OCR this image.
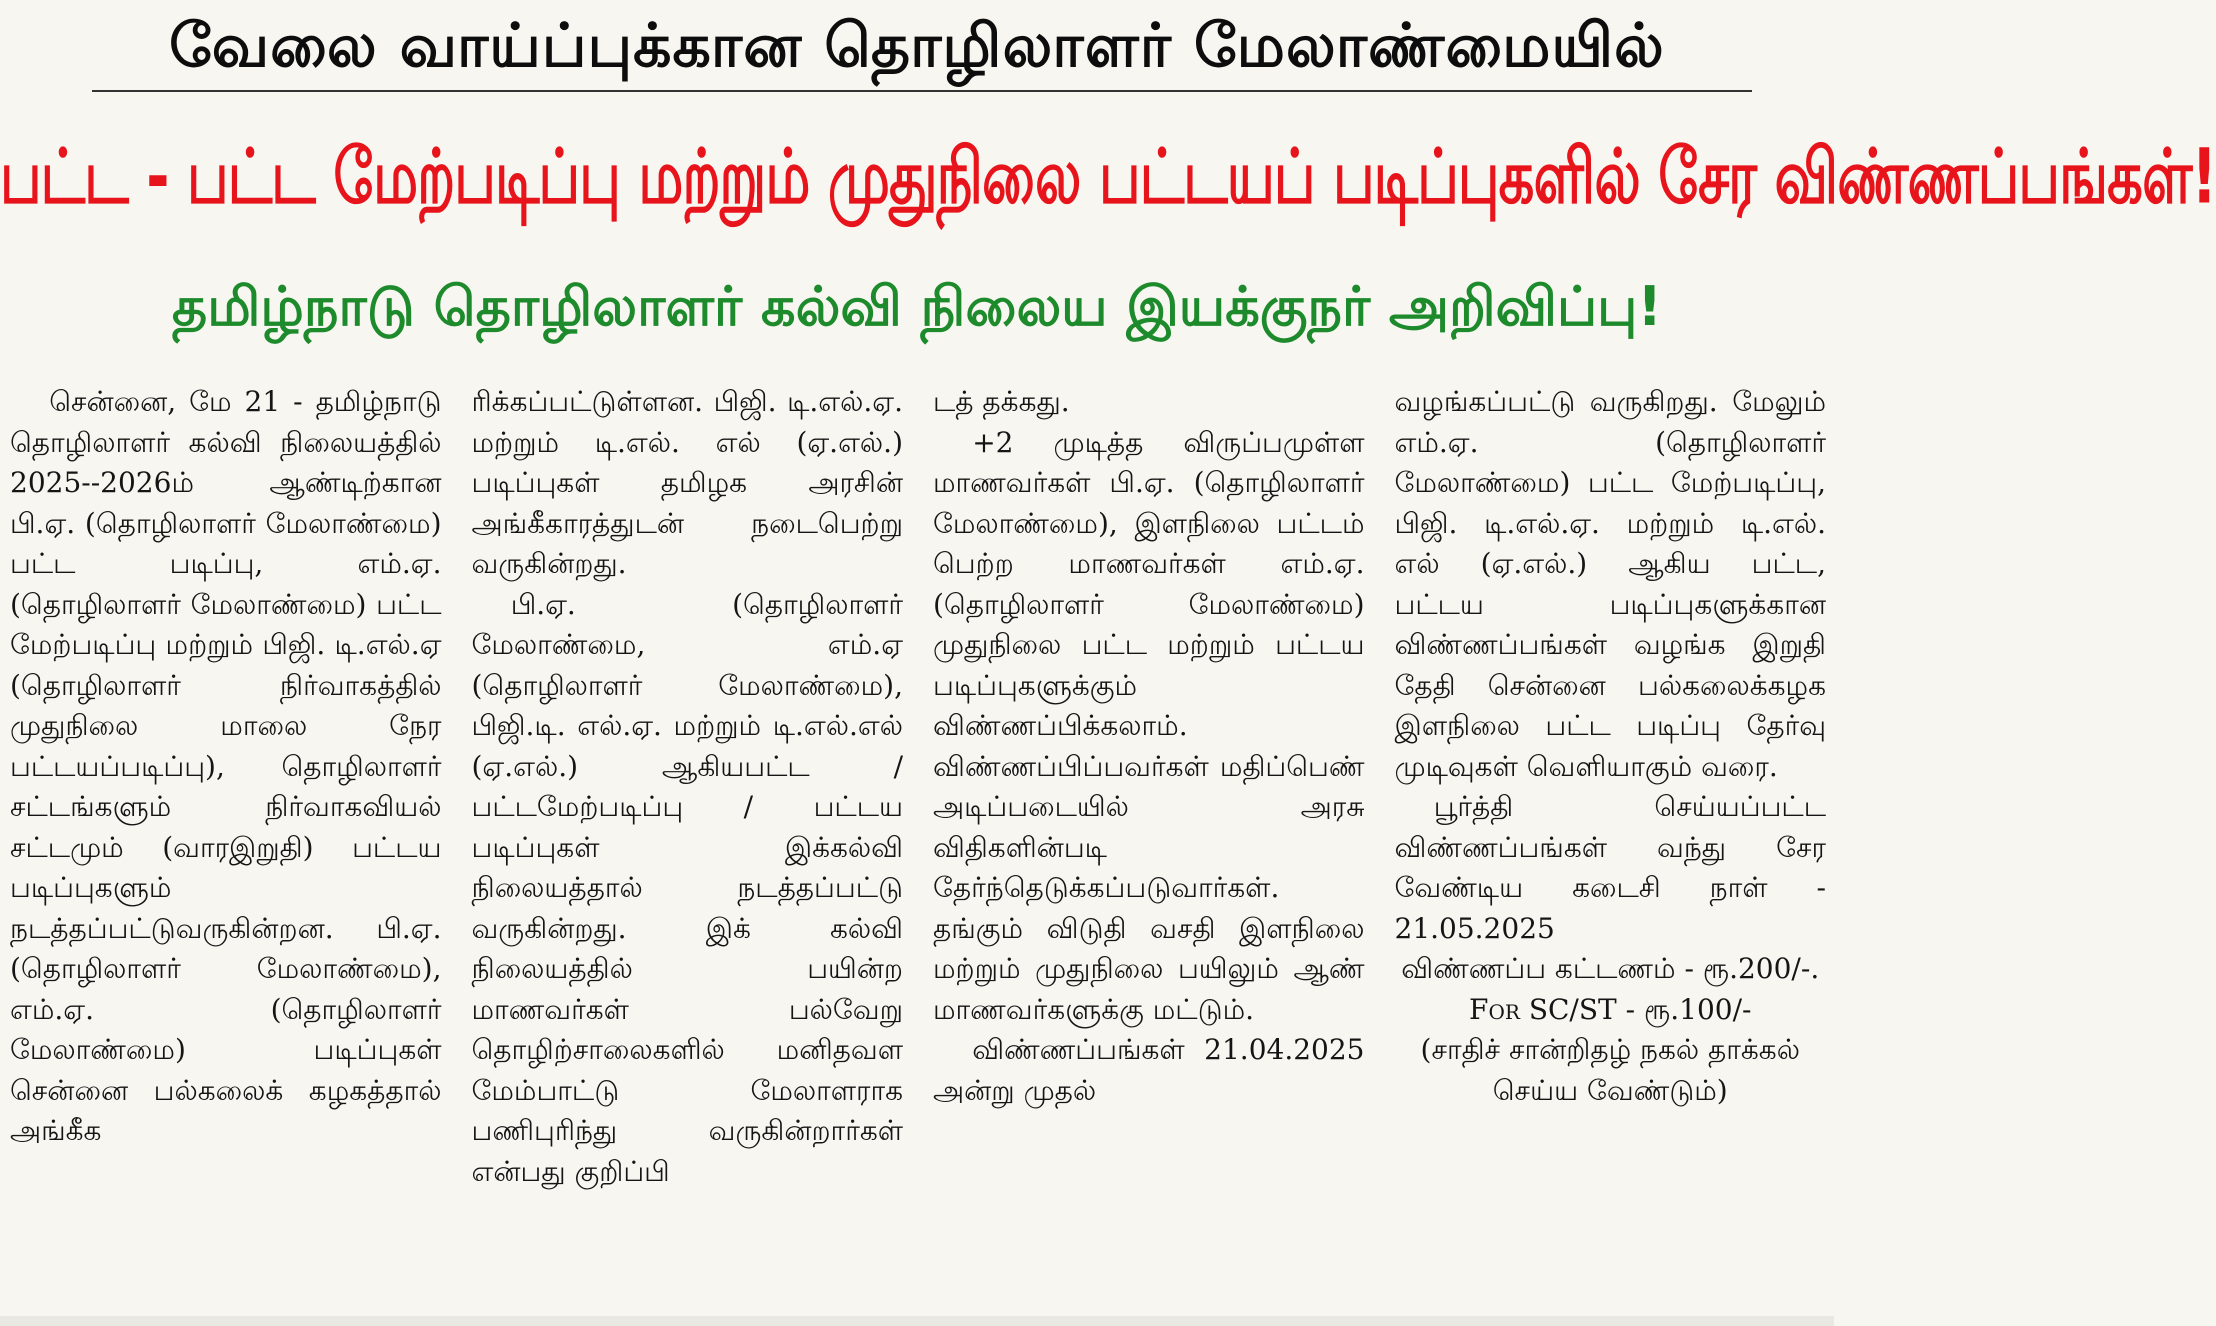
வேலை வாய்ப்புக்கான தொழிலாளர் மேலாண்மையில்
பட்ட - பட்ட மேற்படிப்பு மற்றும் முதுநிலை பட்டயப் படிப்புகளில் சேர விண்ணப்பங்கள்!
தமிழ்நாடு தொழிலாளர் கல்வி நிலைய இயக்குநர் அறிவிப்பு!

சென்னை, மே 21 - தமிழ்நாடு தொழிலாளர் கல்வி நிலையத்தில் 2025--2026ம் ஆண்டிற்கான பி.ஏ. (தொழிலாளர் மேலாண்மை) பட்ட படிப்பு, எம்.ஏ. (தொழிலாளர் மேலாண்மை) பட்ட மேற்படிப்பு மற்றும் பிஜி. டி.எல்.ஏ (தொழிலாளர் நிர்வாகத்தில் முதுநிலை மாலை நேர பட்டயப்படிப்பு), தொழிலாளர் சட்டங்களும் நிர்வாகவியல் சட்டமும் (வாரஇறுதி) பட்டய படிப்புகளும் நடத்தப்பட்டுவருகின்றன. பி.ஏ. (தொழிலாளர் மேலாண்மை), எம்.ஏ. (தொழிலாளர் மேலாண்மை) படிப்புகள் சென்னை பல்கலைக் கழகத்தால் அங்கீக

ரிக்கப்பட்டுள்ளன. பிஜி. டி.எல்.ஏ. மற்றும் டி.எல். எல் (ஏ.எல்.) படிப்புகள் தமிழக அரசின் அங்கீகாரத்துடன் நடைபெற்று வருகின்றது.

பி.ஏ. (தொழிலாளர் மேலாண்மை, எம்.ஏ (தொழிலாளர் மேலாண்மை), பிஜி.டி. எல்.ஏ. மற்றும் டி.எல்.எல் (ஏ.எல்.) ஆகியபட்ட / பட்டமேற்படிப்பு / பட்டய படிப்புகள் இக்கல்வி நிலையத்தால் நடத்தப்பட்டு வருகின்றது. இக் கல்வி நிலையத்தில் பயின்ற மாணவர்கள் பல்வேறு தொழிற்சாலைகளில் மனிதவள மேம்பாட்டு மேலாளராக பணிபுரிந்து வருகின்றார்கள் என்பது குறிப்பி

டத் தக்கது.

+2 முடித்த விருப்பமுள்ள மாணவர்கள் பி.ஏ. (தொழிலாளர் மேலாண்மை), இளநிலை பட்டம் பெற்ற மாணவர்கள் எம்.ஏ. (தொழிலாளர் மேலாண்மை) முதுநிலை பட்ட மற்றும் பட்டய படிப்புகளுக்கும் விண்ணப்பிக்கலாம். விண்ணப்பிப்பவர்கள் மதிப்பெண் அடிப்படையில் அரசு விதிகளின்படி தேர்ந்தெடுக்கப்படுவார்கள். தங்கும் விடுதி வசதி இளநிலை மற்றும் முதுநிலை பயிலும் ஆண் மாணவர்களுக்கு மட்டும்.

விண்ணப்பங்கள் 21.04.2025 அன்று முதல்

வழங்கப்பட்டு வருகிறது. மேலும் எம்.ஏ. (தொழிலாளர் மேலாண்மை) பட்ட மேற்படிப்பு, பிஜி. டி.எல்.ஏ. மற்றும் டி.எல். எல் (ஏ.எல்.) ஆகிய பட்ட, பட்டய படிப்புகளுக்கான விண்ணப்பங்கள் வழங்க இறுதி தேதி சென்னை பல்கலைக்கழக இளநிலை பட்ட படிப்பு தேர்வு முடிவுகள் வெளியாகும் வரை.

பூர்த்தி செய்யப்பட்ட விண்ணப்பங்கள் வந்து சேர வேண்டிய கடைசி நாள் - 21.05.2025

விண்ணப்ப கட்டணம் - ரூ.200/-.

For SC/ST - ரூ.100/-

(சாதிச் சான்றிதழ் நகல் தாக்கல் செய்ய வேண்டும்)
